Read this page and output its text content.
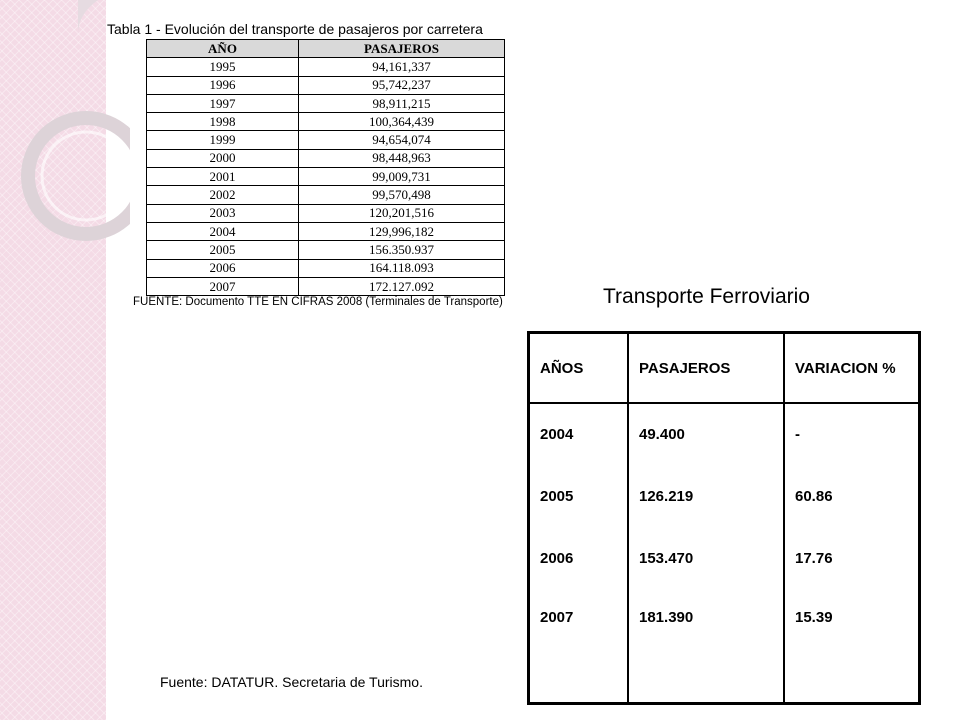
Tabla 1 - Evolución del transporte de pasajeros por carretera
AÑO	PASAJEROS
1995	94,161,337
1996	95,742,237
1997	98,911,215
1998	100,364,439
1999	94,654,074
2000	98,448,963
2001	99,009,731
2002	99,570,498
2003	120,201,516
2004	129,996,182
2005	156.350.937
2006	164.118.093
2007	172.127.092
FUENTE: Documento TTE EN CIFRAS 2008 (Terminales de Transporte)	Transporte Ferroviario
AÑOS	PASAJEROS	VARIACION %
2004	49.400	-
2005	126.219	60.86
2006	153.470	17.76
2007	181.390	15.39
Fuente: DATATUR. Secretaria de Turismo.
